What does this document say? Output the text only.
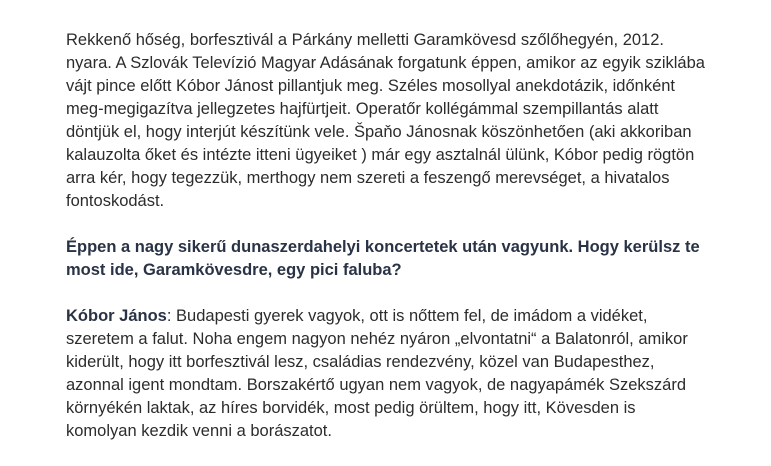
Rekkenő hőség, borfesztivál a Párkány melletti Garamkövesd szőlőhegyén, 2012.
nyara. A Szlovák Televízió Magyar Adásának forgatunk éppen, amikor az egyik sziklába
vájt pince előtt Kóbor Jánost pillantjuk meg. Széles mosollyal anekdotázik, időnként
meg-megigazítva jellegzetes hajfürtjeit. Operatőr kollégámmal szempillantás alatt
döntjük el, hogy interjút készítünk vele. Špaňo Jánosnak köszönhetően (aki akkoriban
kalauzolta őket és intézte itteni ügyeiket ) már egy asztalnál ülünk, Kóbor pedig rögtön
arra kér, hogy tegezzük, merthogy nem szereti a feszengő merevséget, a hivatalos
fontoskodást.

Éppen a nagy sikerű dunaszerdahelyi koncertetek után vagyunk. Hogy kerülsz te
most ide, Garamkövesdre, egy pici faluba?

Kóbor János: Budapesti gyerek vagyok, ott is nőttem fel, de imádom a vidéket,
szeretem a falut. Noha engem nagyon nehéz nyáron „elvontatni“ a Balatonról, amikor
kiderült, hogy itt borfesztivál lesz, családias rendezvény, közel van Budapesthez,
azonnal igent mondtam. Borszakértő ugyan nem vagyok, de nagyapámék Szekszárd
környékén laktak, az híres borvidék, most pedig örültem, hogy itt, Kövesden is
komolyan kezdik venni a borászatot.
